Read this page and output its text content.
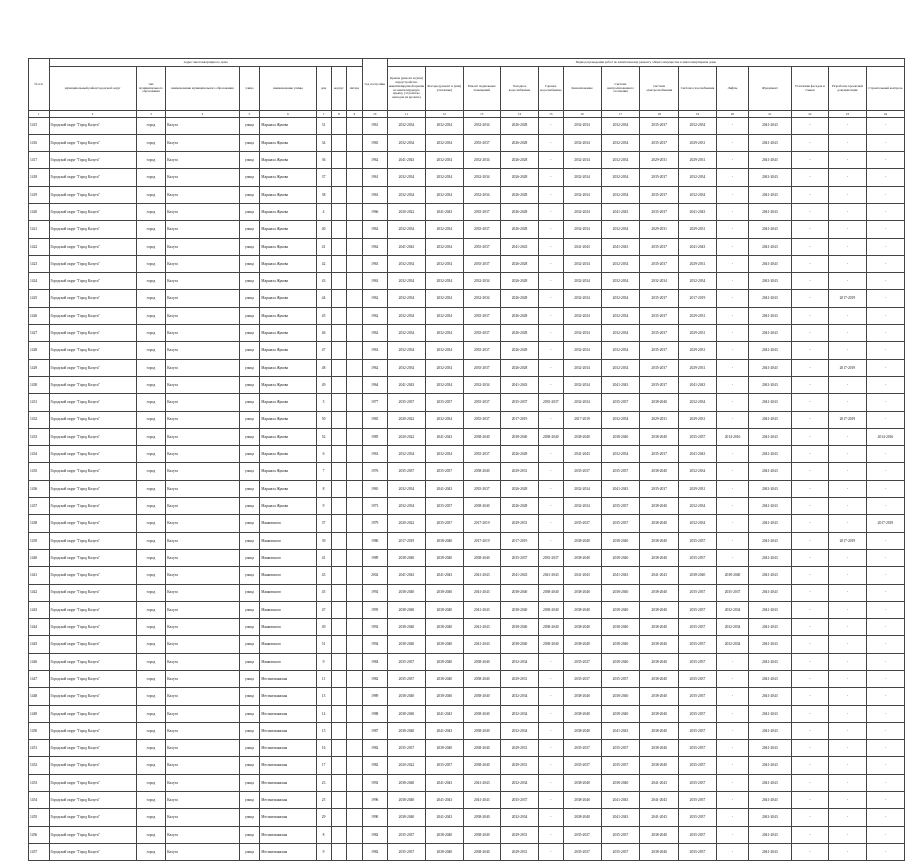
№ п/п	Адрес многоквартирного дома								Год постройки	Период проведения работ по капитальному ремонту общего имущества в многоквартирном доме													
	муниципальный район/городской округ	тип муниципального образования	наименование муниципального образования	улица	наименование улицы	дом	корпус	литера		Крыша (ремонт и (или) переустройство невентилируемой крыши на вентилируемую крышу, устройство выходов на кровлю)	Фасады (ремонт и (или) утепление)	Ремонт подвальных помещений	Холодное водоснабжение	Горячее водоснабжение	Канализование	Система централизованного отопления	Система электроснабжения	Система газоснабжения	Лифты	Фундамент	Утепление фасадов и стыков	Разработка проектной документации	Строительный контроль
1	2	3	4	5	6	7	8	9	10	11	12	13	14	15	16	17	18	19	20	21	22	23	24
1415	Городской округ "Город Калуга"	город	Калуга	улица	Маршала Жукова	31			1961	2032-2034	2032-2034	2032-2034	2026-2028	-	2032-2034	2032-2034	2035-2037	2032-2034	-	2041-2043	-	-	-
1416	Городской округ "Город Калуга"	город	Калуга	улица	Маршала Жукова	34			1965	2032-2034	2032-2034	2035-2037	2026-2028	-	2032-2034	2032-2034	2035-2037	2029-2031	-	2041-2043	-	-	-
1417	Городской округ "Город Калуга"	город	Калуга	улица	Маршала Жукова	36			1962	2041-2043	2032-2034	2032-2034	2026-2028	-	2032-2034	2032-2034	2029-2031	2029-2031	-	2041-2043	-	-	-
1418	Городской округ "Город Калуга"	город	Калуга	улица	Маршала Жукова	37			1961	2032-2034	2032-2034	2032-2034	2026-2028	-	2032-2034	2032-2034	2035-2037	2032-2034	-	2041-2043	-	-	-
1419	Городской округ "Город Калуга"	город	Калуга	улица	Маршала Жукова	38			1963	2032-2034	2032-2034	2032-2034	2026-2028	-	2032-2034	2032-2034	2035-2037	2032-2034	-	2041-2043	-	-	-
1420	Городской округ "Город Калуга"	город	Калуга	улица	Маршала Жукова	4			1966	2020-2022	2041-2043	2035-2037	2026-2028	-	2032-2034	2041-2043	2035-2037	2041-2043	-	2041-2043	-	-	-
1421	Городской округ "Город Калуга"	город	Калуга	улица	Маршала Жукова	40			1962	2032-2034	2032-2034	2035-2037	2026-2028	-	2032-2034	2032-2034	2029-2031	2029-2031	-	2041-2043	-	-	-
1422	Городской округ "Город Калуга"	город	Калуга	улица	Маршала Жукова	41			1962	2041-2043	2032-2034	2035-2037	2041-2043	-	2041-2043	2041-2043	2035-2037	2041-2043	-	2041-2043	-	-	-
1423	Городской округ "Город Калуга"	город	Калуга	улица	Маршала Жукова	42			1963	2032-2034	2032-2034	2035-2037	2026-2028	-	2032-2034	2032-2034	2035-2037	2029-2031	-	2041-2043	-	-	-
1424	Городской округ "Город Калуга"	город	Калуга	улица	Маршала Жукова	43			1963	2032-2034	2032-2034	2032-2034	2026-2028	-	2032-2034	2032-2034	2032-2034	2032-2034	-	2041-2043	-	-	-
1425	Городской округ "Город Калуга"	город	Калуга	улица	Маршала Жукова	44			1962	2032-2034	2032-2034	2032-2034	2026-2028	-	2032-2034	2032-2034	2035-2037	2017-2019	-	2041-2043	-	2017-2019	-
1426	Городской округ "Город Калуга"	город	Калуга	улица	Маршала Жукова	45			1962	2032-2034	2032-2034	2035-2037	2026-2028	-	2032-2034	2032-2034	2035-2037	2029-2031	-	2041-2043	-	-	-
1427	Городской округ "Город Калуга"	город	Калуга	улица	Маршала Жукова	46			1962	2032-2034	2032-2034	2035-2037	2026-2028	-	2032-2034	2032-2034	2035-2037	2029-2031	-	2041-2043	-	-	-
1428	Городской округ "Город Калуга"	город	Калуга	улица	Маршала Жукова	47			1963	2032-2034	2032-2034	2035-2037	2026-2028	-	2032-2034	2032-2034	2035-2037	2029-2031	-	2041-2043	-	-	-
1429	Городской округ "Город Калуга"	город	Калуга	улица	Маршала Жукова	48			1962	2032-2034	2032-2034	2035-2037	2026-2028	-	2032-2034	2032-2034	2035-2037	2029-2031	-	2041-2043	-	2017-2019	-
1430	Городской округ "Город Калуга"	город	Калуга	улица	Маршала Жукова	49			1964	2041-2043	2032-2034	2032-2034	2041-2043	-	2032-2034	2041-2043	2035-2037	2041-2043	-	2041-2043	-	-	-
1431	Городской округ "Город Калуга"	город	Калуга	улица	Маршала Жукова	5			1977	2035-2037	2035-2037	2035-2037	2035-2037	2035-2037	2032-2034	2035-2037	2038-2040	2032-2034	-	2041-2043	-	-	-
1432	Городской округ "Город Калуга"	город	Калуга	улица	Маршала Жукова	50			1965	2020-2022	2032-2034	2035-2037	2017-2019	-	2017-2019	2032-2034	2029-2031	2029-2031	-	2041-2043	-	2017-2019	-
1433	Городской округ "Город Калуга"	город	Калуга	улица	Маршала Жукова	52			1985	2020-2022	2041-2043	2038-2040	2038-2040	2038-2040	2038-2040	2038-2040	2038-2040	2035-2037	2014-2016	2041-2043	-	-	2014-2016
1434	Городской округ "Город Калуга"	город	Калуга	улица	Маршала Жукова	6			1963	2032-2034	2032-2034	2035-2037	2026-2028	-	2041-2043	2032-2034	2035-2037	2041-2043	-	2041-2043	-	-	-
1435	Городской округ "Город Калуга"	город	Калуга	улица	Маршала Жукова	7			1976	2035-2037	2035-2037	2038-2040	2029-2031	-	2035-2037	2035-2037	2038-2040	2032-2034	-	2041-2043	-	-	-
1436	Городской округ "Город Калуга"	город	Калуга	улица	Маршала Жукова	8			1965	2032-2034	2041-2043	2035-2037	2026-2028	-	2032-2034	2041-2043	2035-2037	2029-2031	-	2041-2043	-	-	-
1437	Городской округ "Город Калуга"	город	Калуга	улица	Маршала Жукова	9			1973	2032-2034	2035-2037	2038-2040	2026-2028	-	2032-2034	2035-2037	2038-2040	2032-2034	-	2041-2043	-	-	-
1438	Городской округ "Город Калуга"	город	Калуга	улица	Маяковского	37			1979	2020-2022	2035-2037	2017-2019	2029-2031	-	2035-2037	2035-2037	2038-2040	2032-2034	-	2041-2043	-	-	2017-2019
1439	Городской округ "Город Калуга"	город	Калуга	улица	Маяковского	39			1986	2017-2019	2038-2040	2017-2019	2017-2019	-	2038-2040	2038-2040	2038-2040	2035-2037	-	2041-2043	-	2017-2019	-
1440	Городской округ "Город Калуга"	город	Калуга	улица	Маяковского	41			1989	2038-2040	2038-2040	2038-2040	2035-2037	2035-2037	2038-2040	2038-2040	2038-2040	2035-2037	-	2041-2043	-	-	-
1441	Городской округ "Город Калуга"	город	Калуга	улица	Маяковского	43			2002	2041-2043	2041-2043	2041-2043	2041-2043	2041-2043	2041-2043	2041-2043	2041-2043	2038-2040	2038-2040	2041-2043	-	-	-
1442	Городской округ "Город Калуга"	город	Калуга	улица	Маяковского	45			1992	2038-2040	2038-2040	2041-2043	2038-2040	2038-2040	2038-2040	2038-2040	2038-2040	2035-2037	2035-2037	2041-2043	-	-	-
1443	Городской округ "Город Калуга"	город	Калуга	улица	Маяковского	47			1995	2038-2040	2038-2040	2041-2043	2038-2040	2038-2040	2038-2040	2038-2040	2038-2040	2035-2037	2032-2034	2041-2043	-	-	-
1444	Городской округ "Город Калуга"	город	Калуга	улица	Маяковского	49			1992	2038-2040	2038-2040	2041-2043	2038-2040	2038-2040	2038-2040	2038-2040	2038-2040	2035-2037	2032-2034	2041-2043	-	-	-
1445	Городской округ "Город Калуга"	город	Калуга	улица	Маяковского	51			1994	2038-2040	2038-2040	2041-2043	2038-2040	2038-2040	2038-2040	2038-2040	2038-2040	2035-2037	2032-2034	2041-2043	-	-	-
1446	Городской округ "Город Калуга"	город	Калуга	улица	Маяковского	9			1984	2035-2037	2038-2040	2038-2040	2032-2034	-	2035-2037	2038-2040	2038-2040	2035-2037	-	2041-2043	-	-	-
1447	Городской округ "Город Калуга"	город	Калуга	улица	Местничкинская	11			1982	2035-2037	2038-2040	2038-2040	2029-2031	-	2035-2037	2035-2037	2038-2040	2035-2037	-	2041-2043	-	-	-
1448	Городской округ "Город Калуга"	город	Калуга	улица	Местничкинская	13			1989	2038-2040	2038-2040	2038-2040	2032-2034	-	2038-2040	2038-2040	2038-2040	2035-2037	-	2041-2043	-	-	-
1449	Городской округ "Город Калуга"	город	Калуга	улица	Местничкинская	14			1988	2038-2040	2041-2043	2038-2040	2032-2034	-	2038-2040	2038-2040	2038-2040	2035-2037	-	2041-2043	-	-	-
1450	Городской округ "Город Калуга"	город	Калуга	улица	Местничкинская	15			1987	2038-2040	2041-2043	2038-2040	2032-2034	-	2038-2040	2041-2043	2038-2040	2035-2037	-	2041-2043	-	-	-
1451	Городской округ "Город Калуга"	город	Калуга	улица	Местничкинская	16			1982	2035-2037	2038-2040	2038-2040	2029-2031	-	2035-2037	2035-2037	2038-2040	2035-2037	-	2041-2043	-	-	-
1452	Городской округ "Город Калуга"	город	Калуга	улица	Местничкинская	17			1982	2020-2022	2035-2037	2038-2040	2029-2031	-	2035-2037	2035-2037	2038-2040	2035-2037	-	2041-2043	-	-	-
1453	Городской округ "Город Калуга"	город	Калуга	улица	Местничкинская	23			1992	2038-2040	2041-2043	2041-2043	2032-2034	-	2038-2040	2038-2040	2041-2043	2035-2037	-	2041-2043	-	-	-
1454	Городской округ "Город Калуга"	город	Калуга	улица	Местничкинская	25			1996	2038-2040	2041-2043	2041-2043	2035-2037	-	2038-2040	2041-2043	2041-2043	2035-2037	-	2041-2043	-	-	-
1455	Городской округ "Город Калуга"	город	Калуга	улица	Местничкинская	29			1990	2038-2040	2041-2043	2038-2040	2032-2034	-	2038-2040	2041-2043	2041-2043	2035-2037	-	2041-2043	-	-	-
1456	Городской округ "Город Калуга"	город	Калуга	улица	Местничкинская	8			1982	2035-2037	2038-2040	2038-2040	2029-2031	-	2035-2037	2035-2037	2038-2040	2035-2037	-	2041-2043	-	-	-
1457	Городской округ "Город Калуга"	город	Калуга	улица	Местничкинская	9			1982	2035-2037	2038-2040	2038-2040	2029-2031	-	2035-2037	2035-2037	2038-2040	2035-2037	-	2041-2043	-	-	-
